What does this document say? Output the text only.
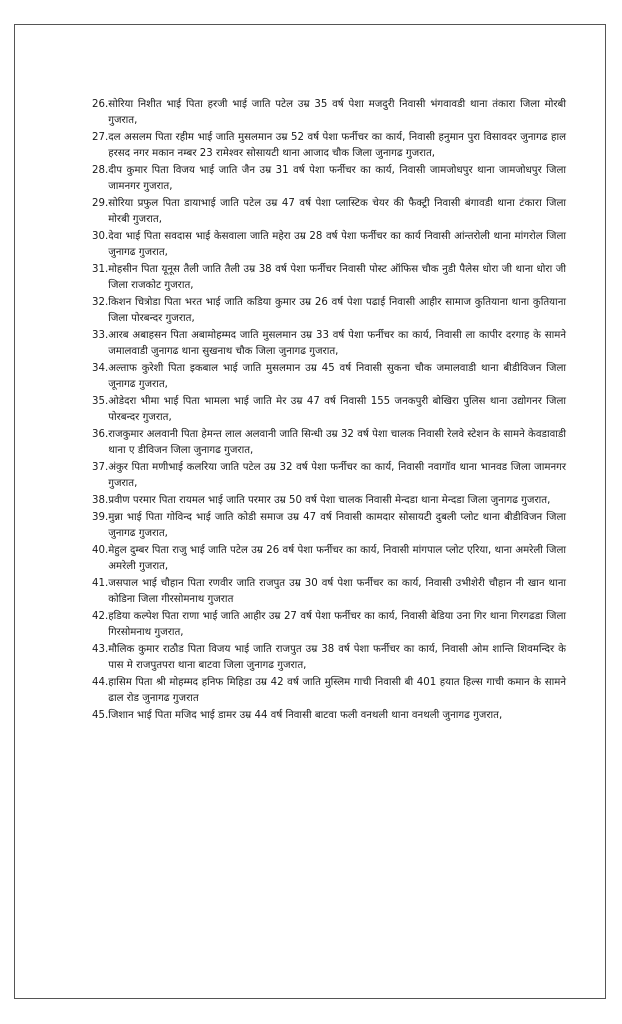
26. सोरिया निशीत भाई पिता हरजी भाई जाति पटेल उम्र 35 वर्ष पेशा मजदुरी निवासी भंगवावडी थाना तंकारा जिला मोरबी गुजरात,
27. दल असलम पिता रहीम भाई जाति मुसलमान उम्र 52 वर्ष पेशा फर्नीचर का कार्य, निवासी हनुमान पुरा विसावदर जुनागढ हाल हरसद नगर मकान नम्बर 23 रामेश्वर सोसायटी थाना आजाद चौक जिला जुनागढ गुजरात,
28. दीप कुमार पिता विजय भाई जाति जैन उम्र 31 वर्ष पेशा फर्नीचर का कार्य, निवासी जामजोधपुर थाना जामजोधपुर जिला जामनगर गुजरात,
29. सोरिया प्रफुल पिता डायाभाई जाति पटेल उम्र 47 वर्ष पेशा प्लास्टिक चेयर की फैक्ट्री निवासी बंगावडी थाना टंकारा जिला मोरबी गुजरात,
30. देवा भाई पिता सवदास भाई केसवाला जाति महेरा उम्र 28 वर्ष पेशा फर्नीचर का कार्य निवासी आंन्तरोली थाना मांगरोल जिला जुनागढ गुजरात,
31. मोहसीन पिता यूनूस तैली जाति तैली उम्र 38 वर्ष पेशा फर्नीचर निवासी पोस्ट ऑफिस चौक नुडी पैलेस धोरा जी थाना धोरा जी जिला राजकोट गुजरात,
32. किशन चित्रोडा पिता भरत भाई जाति कडिया कुमार उम्र 26 वर्ष पेशा पढाई निवासी आहीर सामाज कुतियाना थाना कुतियाना जिला पोरबन्दर गुजरात,
33. आरब अबाहसन पिता अबामोहम्मद जाति मुसलमान उम्र 33 वर्ष पेशा फर्नीचर का कार्य, निवासी ला कापीर दरगाह के सामने जमालवाडी जुनागढ थाना सुखनाथ चौक जिला जुनागढ गुजरात,
34. अल्ताफ कुरेशी पिता इकबाल भाई जाति मुसलमान उम्र 45 वर्ष निवासी सुकना चौक जमालवाडी थाना बीडीविजन जिला जूनागढ गुजरात,
35. ओडेदरा भीमा भाई पिता भामला भाई जाति मेर उम्र 47 वर्ष निवासी 155 जनकपुरी बोखिरा पुलिस थाना उद्योगनर जिला पोरबन्दर गुजरात,
36. राजकुमार अलवानी पिता हेमन्त लाल अलवानी जाति सिन्धी उम्र 32 वर्ष पेशा चालक निवासी रेलवे स्टेशन के सामने केवडावाडी थाना ए डीविजन जिला जुनागढ गुजरात,
37. अंकुर पिता मणीभाई कलरिया जाति पटेल उम्र 32 वर्ष पेशा फर्नीचर का कार्य, निवासी नवागॉव थाना भानवड जिला जामनगर गुजरात,
38. प्रवीण परमार पिता रायमल भाई जाति परमार उम्र 50 वर्ष पेशा चालक निवासी मेन्दडा थाना मेन्दडा जिला जुनागढ गुजरात,
39. मुन्ना भाई पिता गोविन्द भाई जाति कोडी समाज उम्र 47 वर्ष निवासी कामदार सोसायटी दुबली प्लोट थाना बीडीविजन जिला जुनागढ गुजरात,
40. मेहुल दुम्बर पिता राजु भाई जाति पटेल उम्र 26 वर्ष पेशा फर्नीचर का कार्य, निवासी मांगपाल प्लोट एरिया, थाना अमरेली जिला अमरेली गुजरात,
41. जसपाल भाई चौहान पिता रणवीर जाति राजपुत उम्र 30 वर्ष पेशा फर्नीचर का कार्य, निवासी उभीशेरी चौहान नी खान थाना कोडिना जिला गीरसोमनाथ गुजरात
42. हडिया कल्पेश पिता राणा भाई जाति आहीर उम्र 27 वर्ष पेशा फर्नीचर का कार्य, निवासी बेडिया उना गिर थाना गिरगढडा जिला गिरसोमनाथ गुजरात,
43. मौलिक कुमार राठौड पिता विजय भाई जाति राजपुत उम्र 38 वर्ष पेशा फर्नीचर का कार्य, निवासी ओम शान्ति शिवमन्दिर के पास मे राजपुतपरा थाना बाटवा जिला जुनागढ गुजरात,
44. हासिम पिता श्री मोहम्मद हनिफ मिहिडा उम्र 42 वर्ष जाति मुस्लिम गाची निवासी बी 401 हयात हिल्स गाची कमान के सामने ढाल रोड जुनागढ गुजरात
45. जिशान भाई पिता मजिद भाई डामर उम्र 44 वर्ष निवासी बाटवा फली वनथली थाना वनथली जुनागढ गुजरात,
